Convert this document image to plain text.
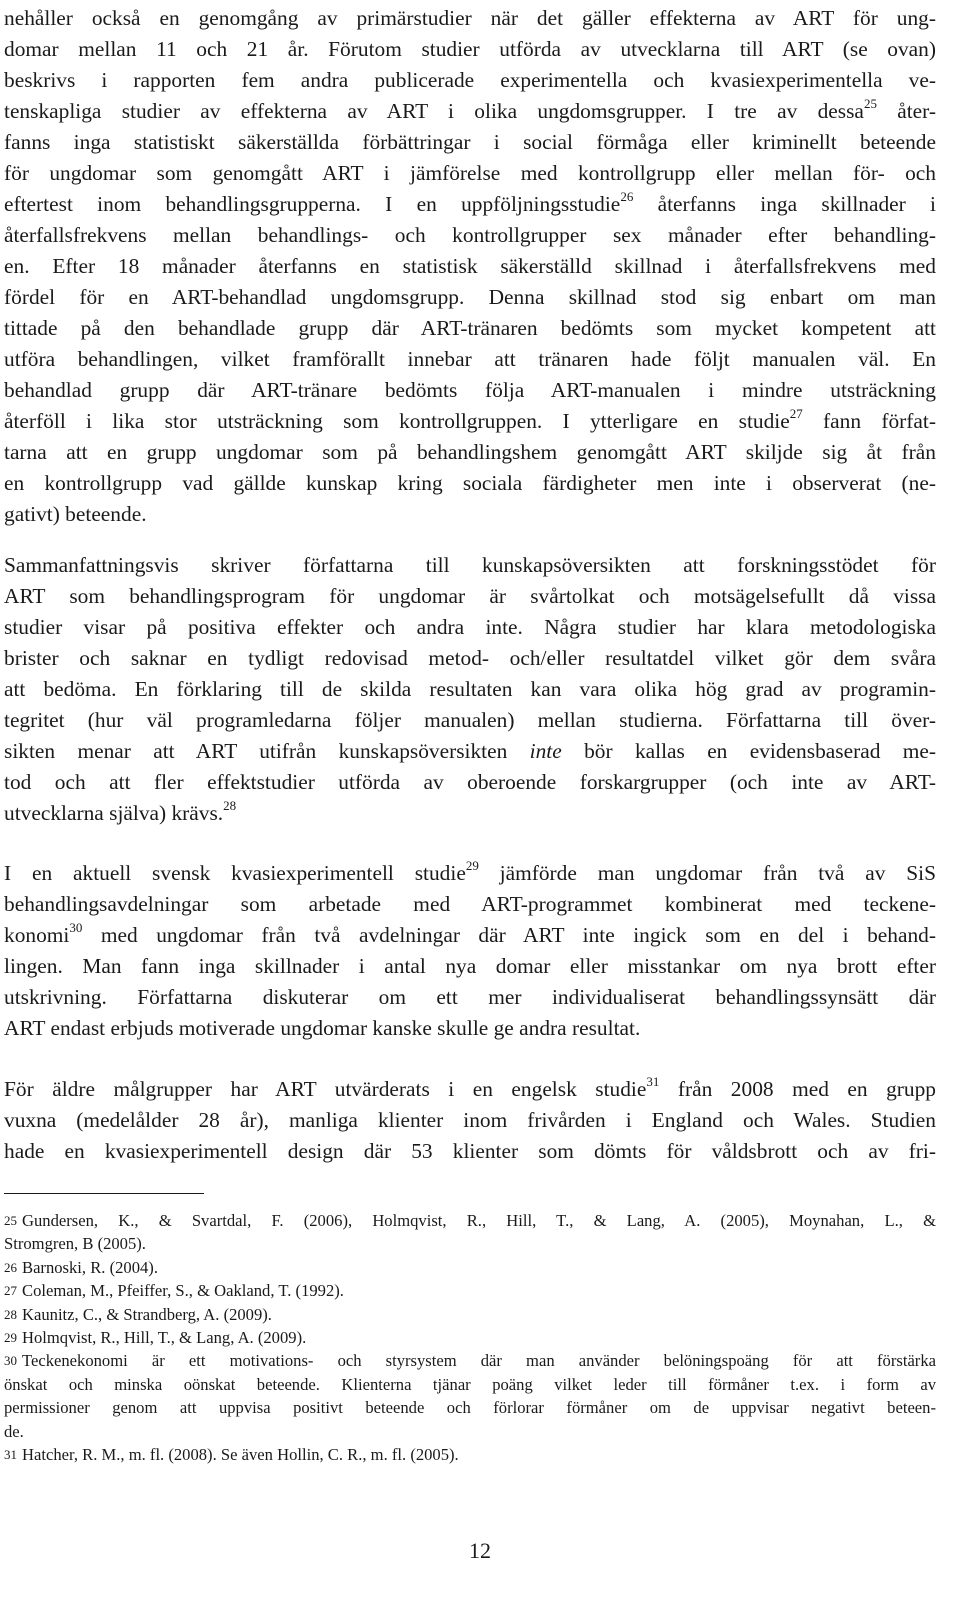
nehåller också en genomgång av primärstudier när det gäller effekterna av ART för ung-
domar mellan 11 och 21 år. Förutom studier utförda av utvecklarna till ART (se ovan)
beskrivs i rapporten fem andra publicerade experimentella och kvasiexperimentella ve-
tenskapliga studier av effekterna av ART i olika ungdomsgrupper. I tre av dessa$^{25}$ åter-
fanns inga statistiskt säkerställda förbättringar i social förmåga eller kriminellt beteende
för ungdomar som genomgått ART i jämförelse med kontrollgrupp eller mellan för- och
eftertest inom behandlingsgrupperna. I en uppföljningsstudie$^{26}$ återfanns inga skillnader i
återfallsfrekvens mellan behandlings- och kontrollgrupper sex månader efter behandling-
en. Efter 18 månader återfanns en statistisk säkerställd skillnad i återfallsfrekvens med
fördel för en ART-behandlad ungdomsgrupp. Denna skillnad stod sig enbart om man
tittade på den behandlade grupp där ART-tränaren bedömts som mycket kompetent att
utföra behandlingen, vilket framförallt innebar att tränaren hade följt manualen väl. En
behandlad grupp där ART-tränare bedömts följa ART-manualen i mindre utsträckning
återföll i lika stor utsträckning som kontrollgruppen. I ytterligare en studie$^{27}$ fann förfat-
tarna att en grupp ungdomar som på behandlingshem genomgått ART skiljde sig åt från
en kontrollgrupp vad gällde kunskap kring sociala färdigheter men inte i observerat (ne-
gativt) beteende.
Sammanfattningsvis skriver författarna till kunskapsöversikten att forskningsstödet för
ART som behandlingsprogram för ungdomar är svårtolkat och motsägelsefullt då vissa
studier visar på positiva effekter och andra inte. Några studier har klara metodologiska
brister och saknar en tydligt redovisad metod- och/eller resultatdel vilket gör dem svåra
att bedöma. En förklaring till de skilda resultaten kan vara olika hög grad av programin-
tegritet (hur väl programledarna följer manualen) mellan studierna. Författarna till över-
sikten menar att ART utifrån kunskapsöversikten inte bör kallas en evidensbaserad me-
tod och att fler effektstudier utförda av oberoende forskargrupper (och inte av ART-
utvecklarna själva) krävs.$^{28}$
I en aktuell svensk kvasiexperimentell studie$^{29}$ jämförde man ungdomar från två av SiS
behandlingsavdelningar som arbetade med ART-programmet kombinerat med teckene-
konomi$^{30}$ med ungdomar från två avdelningar där ART inte ingick som en del i behand-
lingen. Man fann inga skillnader i antal nya domar eller misstankar om nya brott efter
utskrivning. Författarna diskuterar om ett mer individualiserat behandlingssynsätt där
ART endast erbjuds motiverade ungdomar kanske skulle ge andra resultat.
För äldre målgrupper har ART utvärderats i en engelsk studie$^{31}$ från 2008 med en grupp
vuxna (medelålder 28 år), manliga klienter inom frivården i England och Wales. Studien
hade en kvasiexperimentell design där 53 klienter som dömts för våldsbrott och av fri-
25 Gundersen, K., & Svartdal, F. (2006), Holmqvist, R., Hill, T., & Lang, A. (2005), Moynahan, L., &
Stromgren, B (2005).
26 Barnoski, R. (2004).
27 Coleman, M., Pfeiffer, S., & Oakland, T. (1992).
28 Kaunitz, C., & Strandberg, A. (2009).
29 Holmqvist, R., Hill, T., & Lang, A. (2009).
30 Teckenekonomi är ett motivations- och styrsystem där man använder belöningspoäng för att förstärka
önskat och minska oönskat beteende. Klienterna tjänar poäng vilket leder till förmåner t.ex. i form av
permissioner genom att uppvisa positivt beteende och förlorar förmåner om de uppvisar negativt beteen-
de.
31 Hatcher, R. M., m. fl. (2008). Se även Hollin, C. R., m. fl. (2005).
12
